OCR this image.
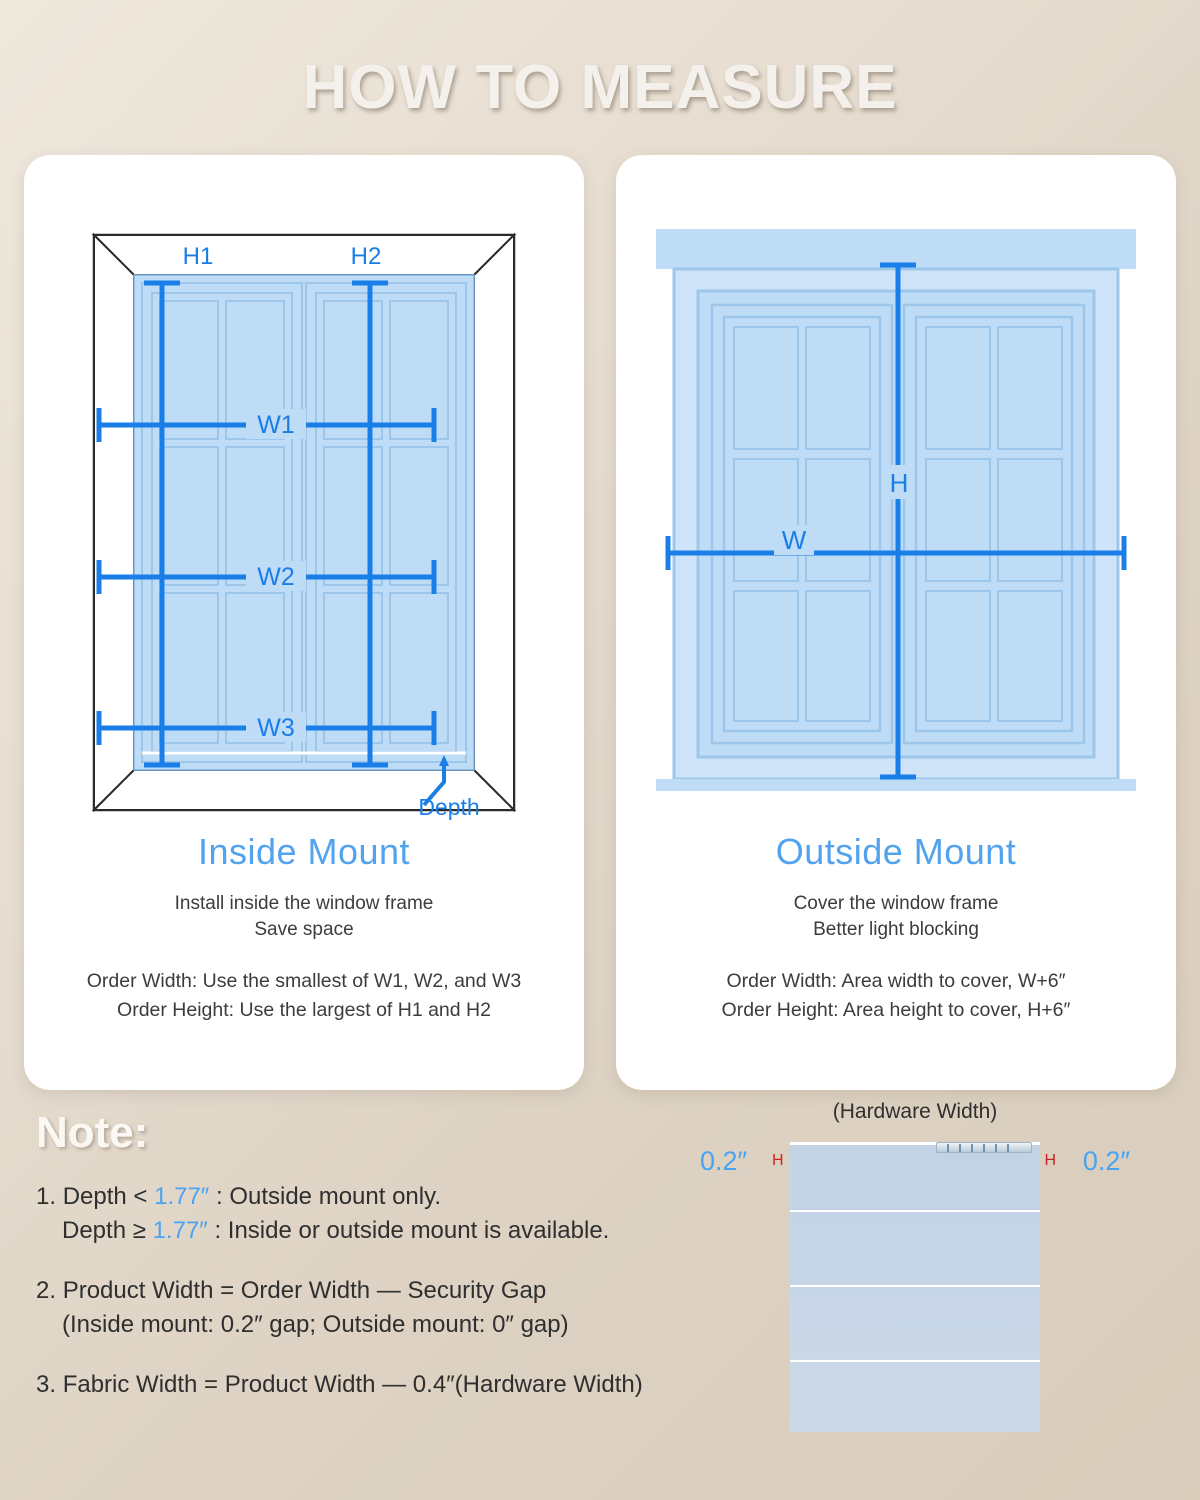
HOW TO MEASURE
H1	H2
W1
W2
W3
Depth
Inside Mount
Install inside the window frame
Save space
Order Width: Use the smallest of W1, W2, and W3
Order Height: Use the largest of H1 and H2
W
H
Outside Mount
Cover the window frame
Better light blocking
Order Width: Area width to cover, W+6″
Order Height: Area height to cover, H+6″
Note:
1. Depth < 1.77″ : Outside mount only.
Depth ≥ 1.77″ : Inside or outside mount is available.
2. Product Width = Order Width — Security Gap
(Inside mount: 0.2″ gap; Outside mount: 0″ gap)
3. Fabric Width = Product Width — 0.4″(Hardware Width)
(Hardware Width)
0.2″	0.2″
H	H
